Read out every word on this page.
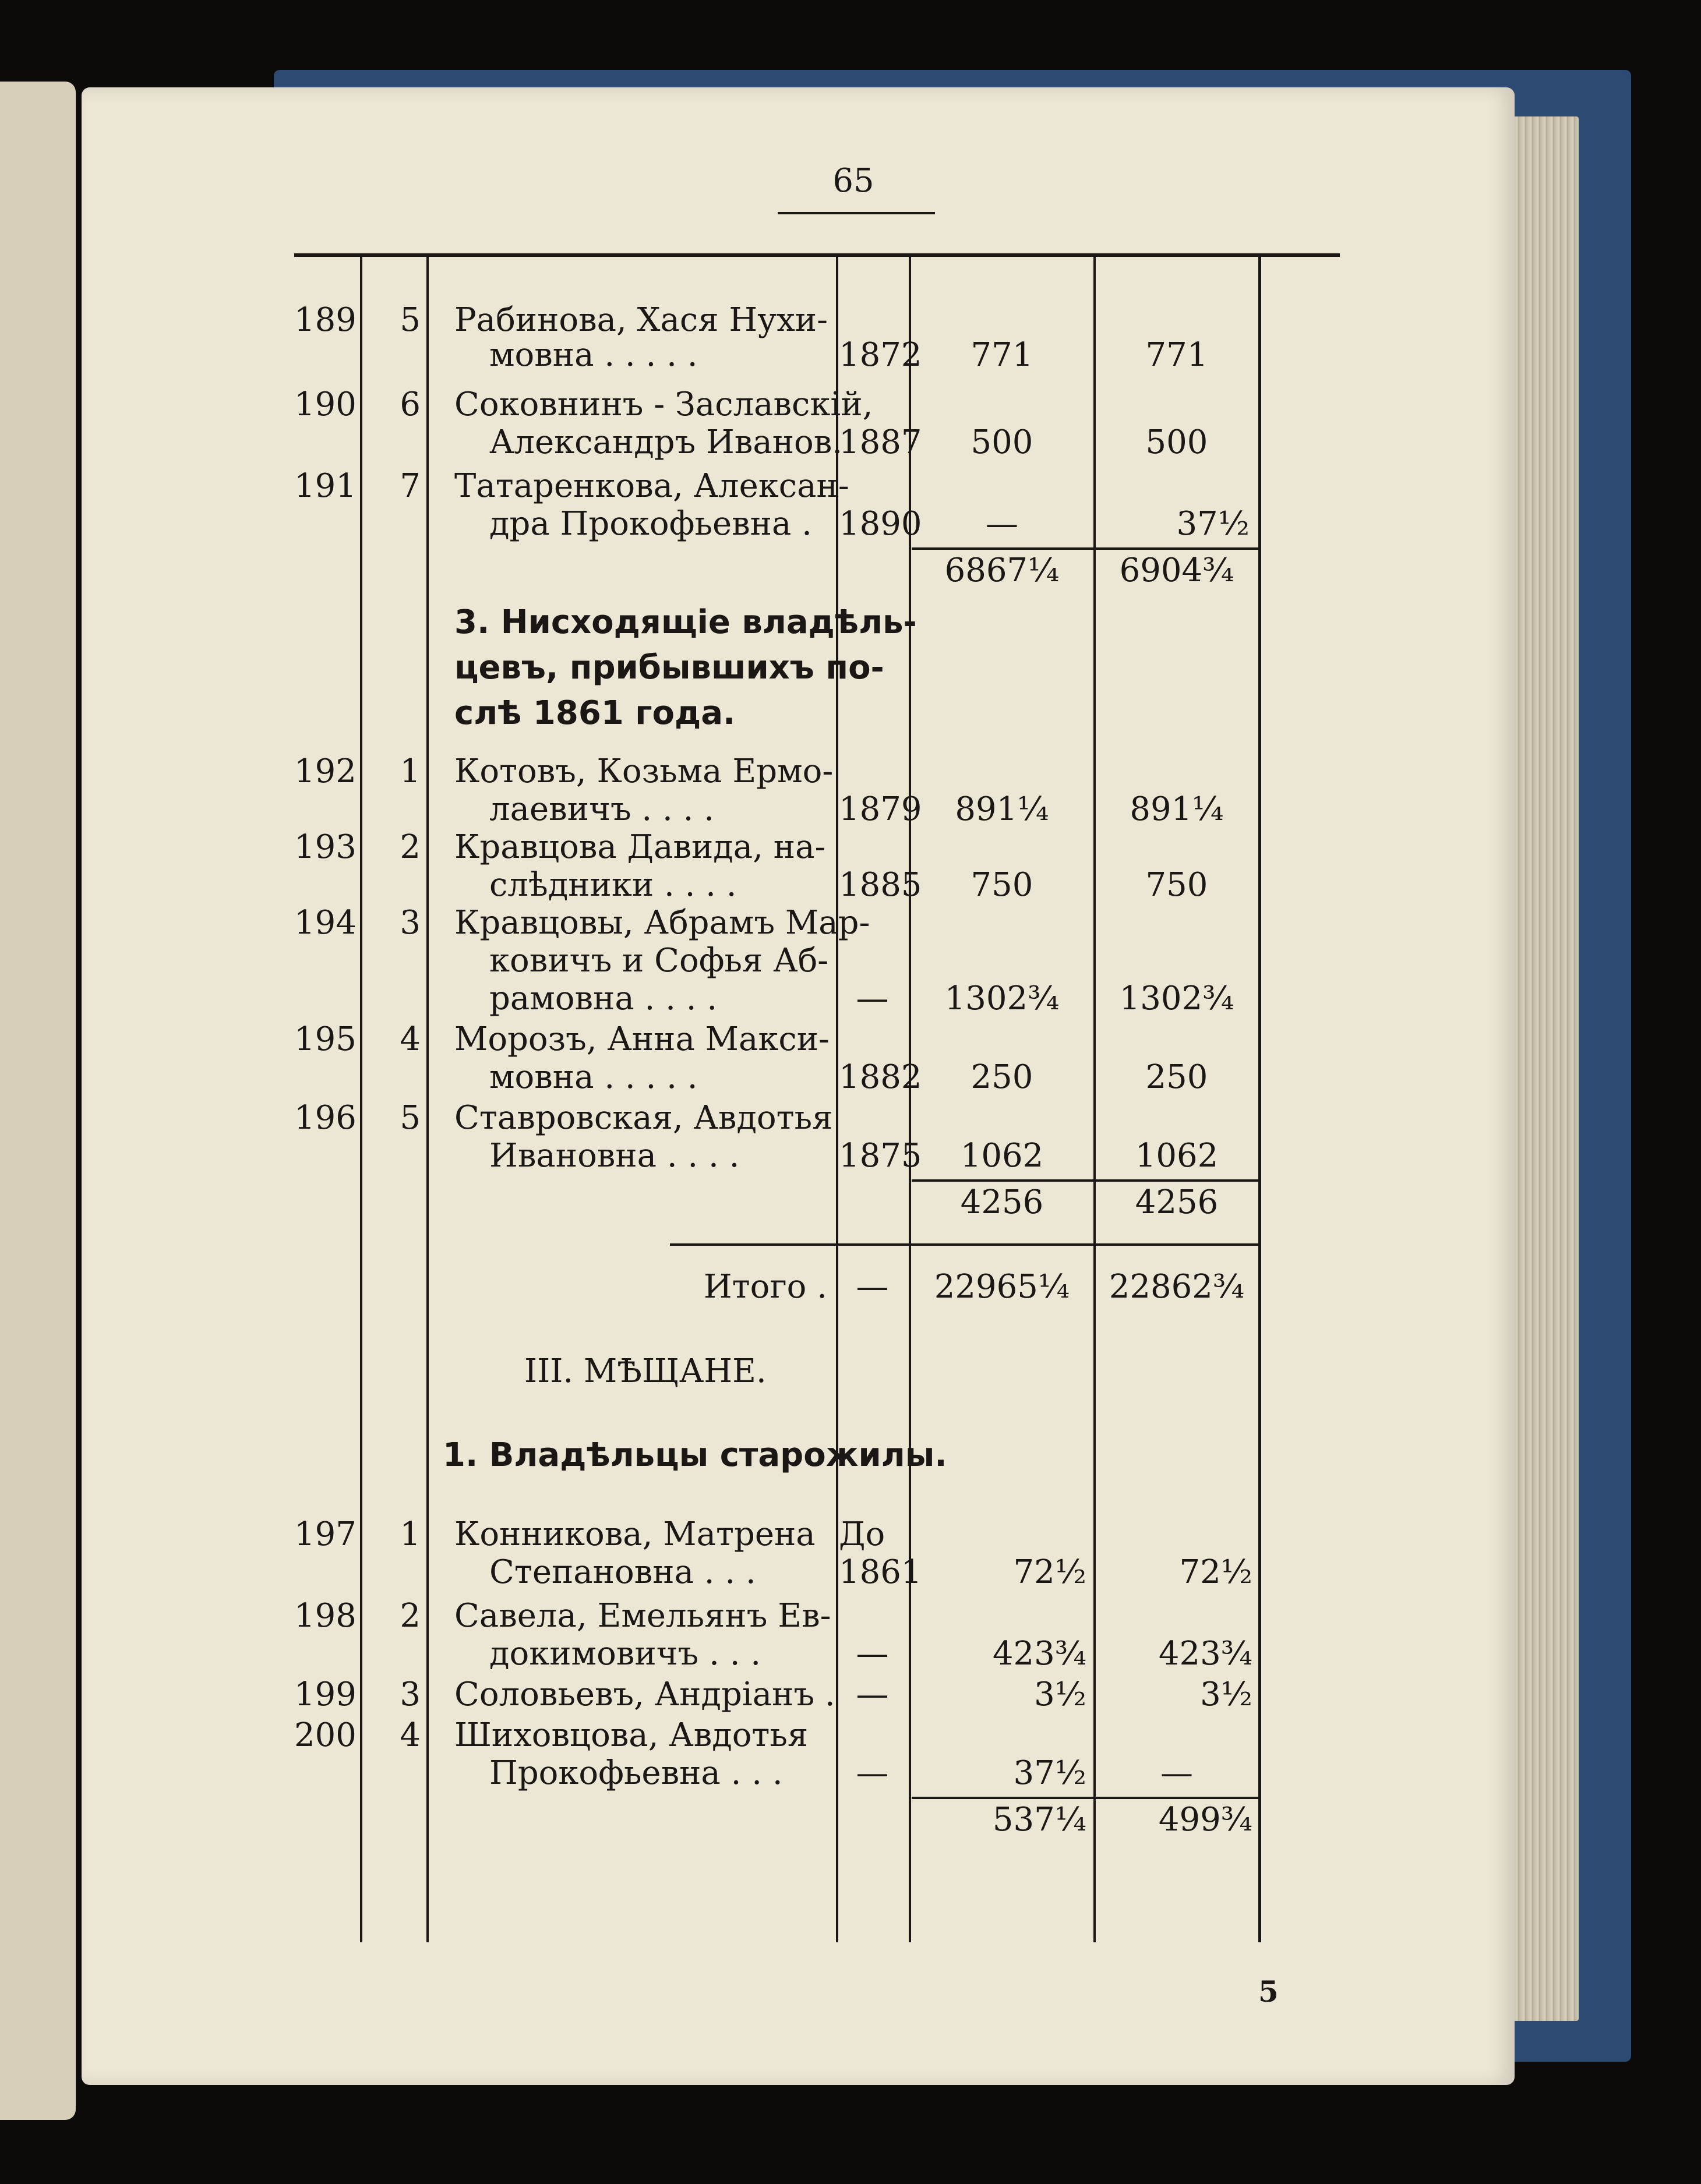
65
189	5 Рабинова, Хася Нухи-
мовна . . . . .	1872	771	771
190	6 Соковнинъ - Заславскій,
Александръ Иванов.
1887	500	500
191	7 Татаренкова, Алексан-
дра Прокофьевна . 1890	—	37½
6867¼	6904¾
3. Нисходящіе владѣль-
цевъ, прибывшихъ по-
слѣ 1861 года.
192	1 Котовъ, Козьма Ермо-
лаевичъ . . . .	1879	891¼	891¼
193	2 Кравцова Давида, на-
слѣдники . . . .	1885	750	750
194	3 Кравцовы, Абрамъ Мар-
ковичъ и Софья Аб-
рамовна . . . .	—	1302¾	1302¾
195	4 Морозъ, Анна Макси-
мовна . . . . .	1882	250	250
196	5 Ставровская, Авдотья
Ивановна . . . .	1875	1062	1062
4256	4256
Итого . —	22965¼	22862¾
III. МѢЩАНЕ.
1. Владѣльцы старожилы.
197	1 Конникова, Матрена
Степановна . . .
До
1861	72½	72½
198	2 Савела, Емельянъ Ев-
докимовичъ . . .	—	423¾	423¾
199	3 Соловьевъ, Андріанъ . —	3½	3½
200	4 Шиховцова, Авдотья
Прокофьевна . . .	—	37½	—
537¼	499¾
5
